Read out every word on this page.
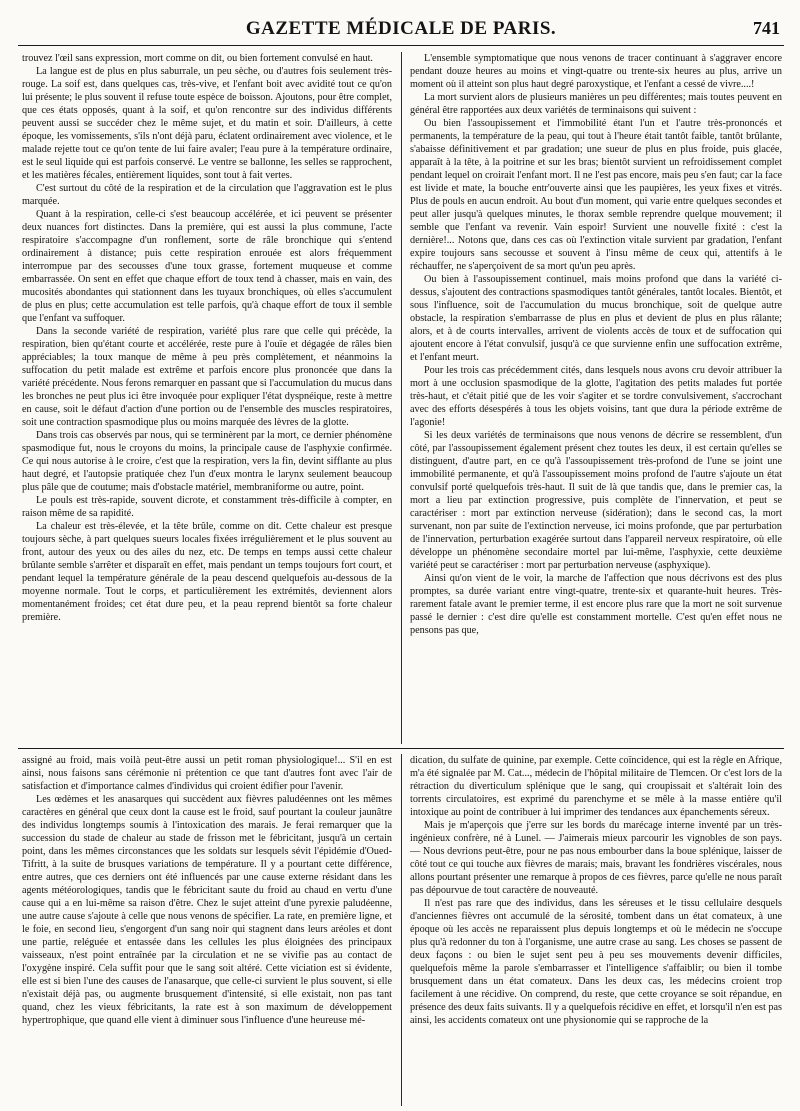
GAZETTE MÉDICALE DE PARIS.	741

trouvez l'œil sans expression, mort comme on dit, ou bien fortement convulsé en haut.

La langue est de plus en plus saburrale, un peu sèche, ou d'autres fois seulement très-rouge. La soif est, dans quelques cas, très-vive, et l'enfant boit avec avidité tout ce qu'on lui présente; le plus souvent il refuse toute espèce de boisson. Ajoutons, pour être complet, que ces états opposés, quant à la soif, et qu'on rencontre sur des individus différents peuvent aussi se succéder chez le même sujet, et du matin et soir. D'ailleurs, à cette époque, les vomissements, s'ils n'ont déjà paru, éclatent ordinairement avec violence, et le malade rejette tout ce qu'on tente de lui faire avaler; l'eau pure à la température ordinaire, est le seul liquide qui est parfois conservé. Le ventre se ballonne, les selles se rapprochent, et les matières fécales, entièrement liquides, sont tout à fait vertes.

C'est surtout du côté de la respiration et de la circulation que l'aggravation est le plus marquée.

Quant à la respiration, celle-ci s'est beaucoup accélérée, et ici peuvent se présenter deux nuances fort distinctes. Dans la première, qui est aussi la plus commune, l'acte respiratoire s'accompagne d'un ronflement, sorte de râle bronchique qui s'entend ordinairement à distance; puis cette respiration enrouée est alors fréquemment interrompue par des secousses d'une toux grasse, fortement muqueuse et comme embarrassée. On sent en effet que chaque effort de toux tend à chasser, mais en vain, des mucosités abondantes qui stationnent dans les tuyaux bronchiques, où elles s'accumulent de plus en plus; cette accumulation est telle parfois, qu'à chaque effort de toux il semble que l'enfant va suffoquer.

Dans la seconde variété de respiration, variété plus rare que celle qui précède, la respiration, bien qu'étant courte et accélérée, reste pure à l'ouïe et dégagée de râles bien appréciables; la toux manque de même à peu près complètement, et néanmoins la suffocation du petit malade est extrême et parfois encore plus prononcée que dans la variété précédente. Nous ferons remarquer en passant que si l'accumulation du mucus dans les bronches ne peut plus ici être invoquée pour expliquer l'état dyspnéique, reste à mettre en cause, soit le défaut d'action d'une portion ou de l'ensemble des muscles respiratoires, soit une contraction spasmodique plus ou moins marquée des lèvres de la glotte.

Dans trois cas observés par nous, qui se terminèrent par la mort, ce dernier phénomène spasmodique fut, nous le croyons du moins, la principale cause de l'asphyxie confirmée. Ce qui nous autorise à le croire, c'est que la respiration, vers la fin, devint sifflante au plus haut degré, et l'autopsie pratiquée chez l'un d'eux montra le larynx seulement beaucoup plus pâle que de coutume; mais d'obstacle matériel, membraniforme ou autre, point.

Le pouls est très-rapide, souvent dicrote, et constamment très-difficile à compter, en raison même de sa rapidité.

La chaleur est très-élevée, et la tête brûle, comme on dit. Cette chaleur est presque toujours sèche, à part quelques sueurs locales fixées irrégulièrement et le plus souvent au front, autour des yeux ou des ailes du nez, etc. De temps en temps aussi cette chaleur brûlante semble s'arrêter et disparaît en effet, mais pendant un temps toujours fort court, et pendant lequel la température générale de la peau descend quelquefois au-dessous de la moyenne normale. Tout le corps, et particulièrement les extrémités, deviennent alors momentanément froides; cet état dure peu, et la peau reprend bientôt sa forte chaleur première.

L'ensemble symptomatique que nous venons de tracer continuant à s'aggraver encore pendant douze heures au moins et vingt-quatre ou trente-six heures au plus, arrive un moment où il atteint son plus haut degré paroxystique, et l'enfant a cessé de vivre....!

La mort survient alors de plusieurs manières un peu différentes; mais toutes peuvent en général être rapportées aux deux variétés de terminaisons qui suivent :

Ou bien l'assoupissement et l'immobilité étant l'un et l'autre très-prononcés et permanents, la température de la peau, qui tout à l'heure était tantôt faible, tantôt brûlante, s'abaisse définitivement et par gradation; une sueur de plus en plus froide, puis glacée, apparaît à la tête, à la poitrine et sur les bras; bientôt survient un refroidissement complet pendant lequel on croirait l'enfant mort. Il ne l'est pas encore, mais peu s'en faut; car la face est livide et mate, la bouche entr'ouverte ainsi que les paupières, les yeux fixes et vitrés. Plus de pouls en aucun endroit. Au bout d'un moment, qui varie entre quelques secondes et peut aller jusqu'à quelques minutes, le thorax semble reprendre quelque mouvement; il semble que l'enfant va revenir. Vain espoir! Survient une nouvelle fixité : c'est la dernière!... Notons que, dans ces cas où l'extinction vitale survient par gradation, l'enfant expire toujours sans secousse et souvent à l'insu même de ceux qui, attentifs à le réchauffer, ne s'aperçoivent de sa mort qu'un peu après.

Ou bien à l'assoupissement continuel, mais moins profond que dans la variété ci-dessus, s'ajoutent des contractions spasmodiques tantôt générales, tantôt locales. Bientôt, et sous l'influence, soit de l'accumulation du mucus bronchique, soit de quelque autre obstacle, la respiration s'embarrasse de plus en plus et devient de plus en plus râlante; alors, et à de courts intervalles, arrivent de violents accès de toux et de suffocation qui ajoutent encore à l'état convulsif, jusqu'à ce que survienne enfin une suffocation extrême, et l'enfant meurt.

Pour les trois cas précédemment cités, dans lesquels nous avons cru devoir attribuer la mort à une occlusion spasmodique de la glotte, l'agitation des petits malades fut portée très-haut, et c'était pitié que de les voir s'agiter et se tordre convulsivement, s'accrochant avec des efforts désespérés à tous les objets voisins, tant que dura la période extrême de l'agonie!

Si les deux variétés de terminaisons que nous venons de décrire se ressemblent, d'un côté, par l'assoupissement également présent chez toutes les deux, il est certain qu'elles se distinguent, d'autre part, en ce qu'à l'assoupissement très-profond de l'une se joint une immobilité permanente, et qu'à l'assoupissement moins profond de l'autre s'ajoute un état convulsif porté quelquefois très-haut. Il suit de là que tandis que, dans le premier cas, la mort a lieu par extinction progressive, puis complète de l'innervation, et peut se caractériser : mort par extinction nerveuse (sidération); dans le second cas, la mort survenant, non par suite de l'extinction nerveuse, ici moins profonde, que par perturbation de l'innervation, perturbation exagérée surtout dans l'appareil nerveux respiratoire, où elle développe un phénomène secondaire mortel par lui-même, l'asphyxie, cette deuxième variété peut se caractériser : mort par perturbation nerveuse (asphyxique).

Ainsi qu'on vient de le voir, la marche de l'affection que nous décrivons est des plus promptes, sa durée variant entre vingt-quatre, trente-six et quarante-huit heures. Très-rarement fatale avant le premier terme, il est encore plus rare que la mort ne soit survenue passé le dernier : c'est dire qu'elle est constamment mortelle. C'est qu'en effet nous ne pensons pas que,

assigné au froid, mais voilà peut-être aussi un petit roman physiologique!... S'il en est ainsi, nous faisons sans cérémonie ni prétention ce que tant d'autres font avec l'air de satisfaction et d'importance calmes d'individus qui croient édifier pour l'avenir.

Les œdèmes et les anasarques qui succèdent aux fièvres paludéennes ont les mêmes caractères en général que ceux dont la cause est le froid, sauf pourtant la couleur jaunâtre des individus longtemps soumis à l'intoxication des marais. Je ferai remarquer que la succession du stade de chaleur au stade de frisson met le fébricitant, jusqu'à un certain point, dans les mêmes circonstances que les soldats sur lesquels sévit l'épidémie d'Oued-Tifritt, à la suite de brusques variations de température. Il y a pourtant cette différence, entre autres, que ces derniers ont été influencés par une cause externe résidant dans les agents météorologiques, tandis que le fébricitant saute du froid au chaud en vertu d'une cause qui a en lui-même sa raison d'être. Chez le sujet atteint d'une pyrexie paludéenne, une autre cause s'ajoute à celle que nous venons de spécifier. La rate, en première ligne, et le foie, en second lieu, s'engorgent d'un sang noir qui stagnent dans leurs aréoles et dont une partie, reléguée et entassée dans les cellules les plus éloignées des principaux vaisseaux, n'est point entraînée par la circulation et ne se vivifie pas au contact de l'oxygène inspiré. Cela suffit pour que le sang soit altéré. Cette viciation est si évidente, elle est si bien l'une des causes de l'anasarque, que celle-ci survient le plus souvent, si elle n'existait déjà pas, ou augmente brusquement d'intensité, si elle existait, non pas tant quand, chez les vieux fébricitants, la rate est à son maximum de développement hypertrophique, que quand elle vient à diminuer sous l'influence d'une heureuse mé-

dication, du sulfate de quinine, par exemple. Cette coïncidence, qui est la règle en Afrique, m'a été signalée par M. Cat..., médecin de l'hôpital militaire de Tlemcen. Or c'est lors de la rétraction du diverticulum splénique que le sang, qui croupissait et s'altérait loin des torrents circulatoires, est exprimé du parenchyme et se mêle à la masse entière qu'il intoxique au point de contribuer à lui imprimer des tendances aux épanchements séreux.

Mais je m'aperçois que j'erre sur les bords du marécage interne inventé par un très-ingénieux confrère, né à Lunel. — J'aimerais mieux parcourir les vignobles de son pays. — Nous devrions peut-être, pour ne pas nous embourber dans la boue splénique, laisser de côté tout ce qui touche aux fièvres de marais; mais, bravant les fondrières viscérales, nous allons pourtant présenter une remarque à propos de ces fièvres, parce qu'elle ne nous paraît pas dépourvue de tout caractère de nouveauté.

Il n'est pas rare que des individus, dans les séreuses et le tissu cellulaire desquels d'anciennes fièvres ont accumulé de la sérosité, tombent dans un état comateux, à une époque où les accès ne reparaissent plus depuis longtemps et où le médecin ne s'occupe plus qu'à redonner du ton à l'organisme, une autre crase au sang. Les choses se passent de deux façons : ou bien le sujet sent peu à peu ses mouvements devenir difficiles, quelquefois même la parole s'embarrasser et l'intelligence s'affaiblir; ou bien il tombe brusquement dans un état comateux. Dans les deux cas, les médecins croient trop facilement à une récidive. On comprend, du reste, que cette croyance se soit répandue, en présence des deux faits suivants. Il y a quelquefois récidive en effet, et lorsqu'il n'en est pas ainsi, les accidents comateux ont une physionomie qui se rapproche de la
